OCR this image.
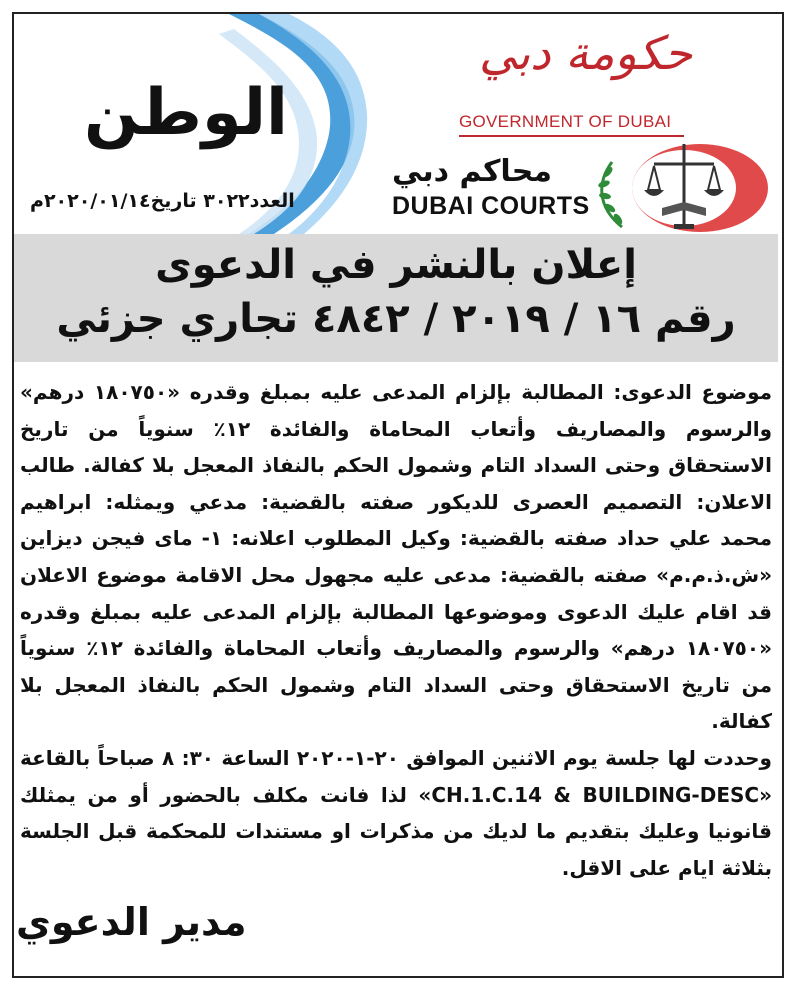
الوطن
العدد٣٠٢٢ تاريخ٢٠٢٠/٠١/١٤م
حكومة دبي
GOVERNMENT OF DUBAI
محاكم دبي
DUBAI COURTS
إعلان بالنشر في الدعوى
رقم ١٦ / ٢٠١٩ / ٤٨٤٢ تجاري جزئي

موضوع الدعوى: المطالبة بإلزام المدعى عليه بمبلغ وقدره «١٨٠٧٥٠ درهم» والرسوم والمصاريف وأتعاب المحاماة والفائدة ١٢٪ سنوياً من تاريخ الاستحقاق وحتى السداد التام وشمول الحكم بالنفاذ المعجل بلا كفالة. طالب الاعلان: التصميم العصرى للديكور صفته بالقضية: مدعي ويمثله: ابراهيم محمد علي حداد صفته بالقضية: وكيل المطلوب اعلانه: ١- ماى فيجن ديزاين «ش.ذ.م.م» صفته بالقضية: مدعى عليه مجهول محل الاقامة موضوع الاعلان قد اقام عليك الدعوى وموضوعها المطالبة بإلزام المدعى عليه بمبلغ وقدره «١٨٠٧٥٠ درهم» والرسوم والمصاريف وأتعاب المحاماة والفائدة ١٢٪ سنوياً من تاريخ الاستحقاق وحتى السداد التام وشمول الحكم بالنفاذ المعجل بلا كفالة.

وحددت لها جلسة يوم الاثنين الموافق ٢٠-١-٢٠٢٠ الساعة ٣٠: ٨ صباحاً بالقاعة «CH.1.C.14 & BUILDING-DESC» لذا فانت مكلف بالحضور أو من يمثلك قانونيا وعليك بتقديم ما لديك من مذكرات او مستندات للمحكمة قبل الجلسة بثلاثة ايام على الاقل.

مدير الدعوي
